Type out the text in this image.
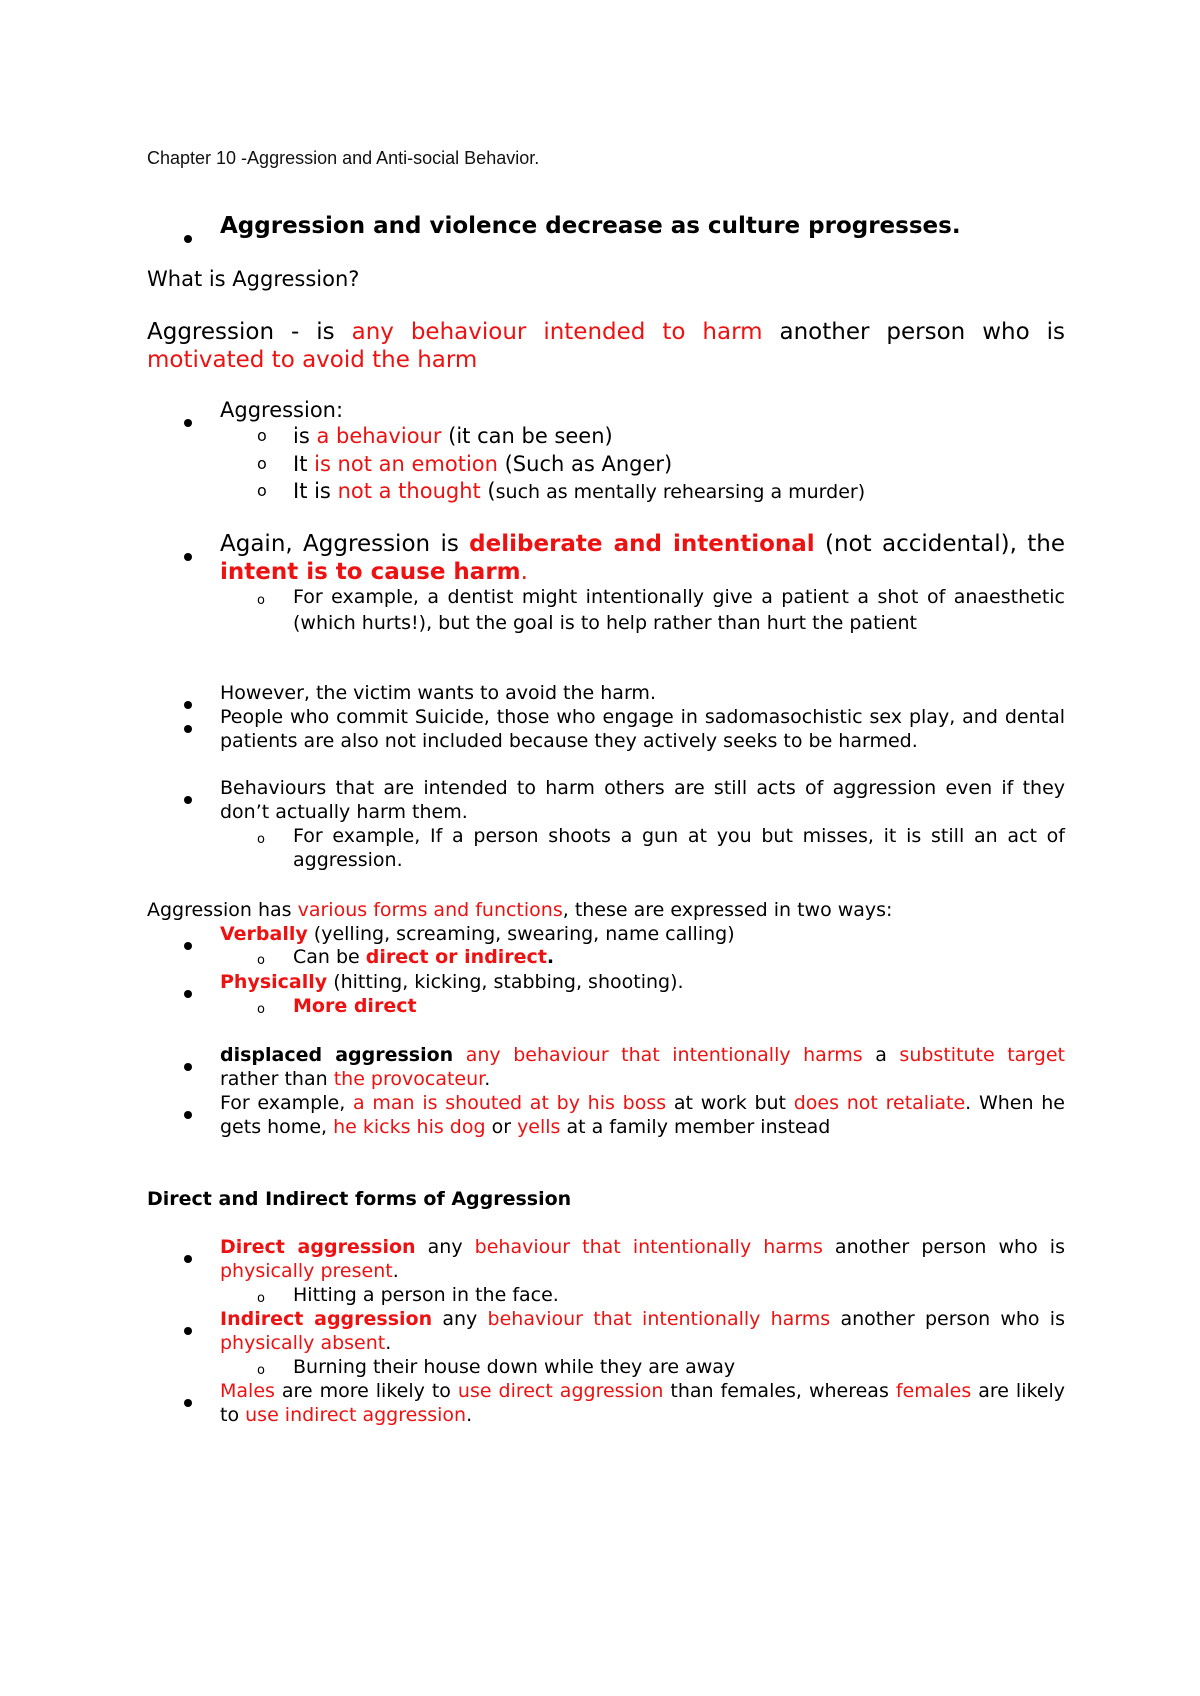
Chapter 10 -Aggression and Anti-social Behavior.
Aggression and violence decrease as culture progresses.
What is Aggression?
Aggression - is any behaviour intended to harm another person who is motivated to avoid the harm
Aggression:
o	is a behaviour (it can be seen)
o	It is not an emotion (Such as Anger)
o	It is not a thought (such as mentally rehearsing a murder)
Again, Aggression is deliberate and intentional (not accidental), the intent is to cause harm.
o	For example, a dentist might intentionally give a patient a shot of anaesthetic (which hurts!), but the goal is to help rather than hurt the patient
However, the victim wants to avoid the harm.
People who commit Suicide, those who engage in sadomasochistic sex play, and dental patients are also not included because they actively seeks to be harmed.
Behaviours that are intended to harm others are still acts of aggression even if they don’t actually harm them.
o	For example, If a person shoots a gun at you but misses, it is still an act of aggression.
Aggression has various forms and functions, these are expressed in two ways:
Verbally (yelling, screaming, swearing, name calling)
o	Can be direct or indirect.
Physically (hitting, kicking, stabbing, shooting).
o	More direct
displaced aggression any behaviour that intentionally harms a substitute target rather than the provocateur.
For example, a man is shouted at by his boss at work but does not retaliate. When he gets home, he kicks his dog or yells at a family member instead
Direct and Indirect forms of Aggression
Direct aggression any behaviour that intentionally harms another person who is physically present.
o	Hitting a person in the face.
Indirect aggression any behaviour that intentionally harms another person who is physically absent.
o	Burning their house down while they are away
Males are more likely to use direct aggression than females, whereas females are likely to use indirect aggression.
